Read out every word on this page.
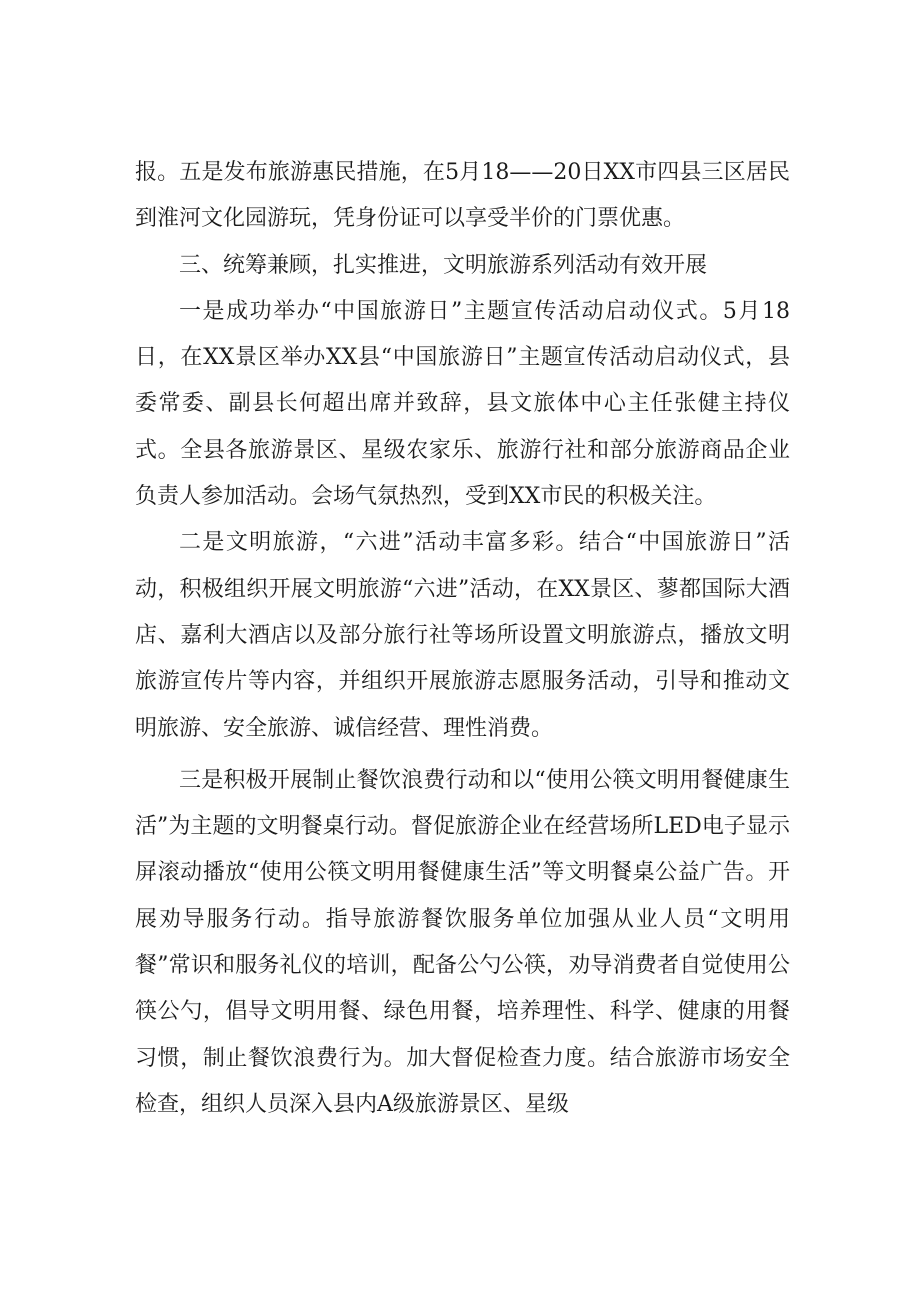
报。五是发布旅游惠民措施，在5月18——20日XX市四县三区居民到淮河文化园游玩，凭身份证可以享受半价的门票优惠。

三、统筹兼顾，扎实推进，文明旅游系列活动有效开展

一是成功举办“中国旅游日”主题宣传活动启动仪式。5月18日，在XX景区举办XX县“中国旅游日”主题宣传活动启动仪式，县委常委、副县长何超出席并致辞，县文旅体中心主任张健主持仪式。全县各旅游景区、星级农家乐、旅游行社和部分旅游商品企业负责人参加活动。会场气氛热烈，受到XX市民的积极关注。

二是文明旅游，“六进”活动丰富多彩。结合“中国旅游日”活动，积极组织开展文明旅游“六进”活动，在XX景区、蓼都国际大酒店、嘉利大酒店以及部分旅行社等场所设置文明旅游点，播放文明旅游宣传片等内容，并组织开展旅游志愿服务活动，引导和推动文明旅游、安全旅游、诚信经营、理性消费。

三是积极开展制止餐饮浪费行动和以“使用公筷文明用餐健康生活”为主题的文明餐桌行动。督促旅游企业在经营场所LED电子显示屏滚动播放“使用公筷文明用餐健康生活”等文明餐桌公益广告。开展劝导服务行动。指导旅游餐饮服务单位加强从业人员“文明用餐”常识和服务礼仪的培训，配备公勺公筷，劝导消费者自觉使用公筷公勺，倡导文明用餐、绿色用餐，培养理性、科学、健康的用餐习惯，制止餐饮浪费行为。加大督促检查力度。结合旅游市场安全检查，组织人员深入县内A级旅游景区、星级
